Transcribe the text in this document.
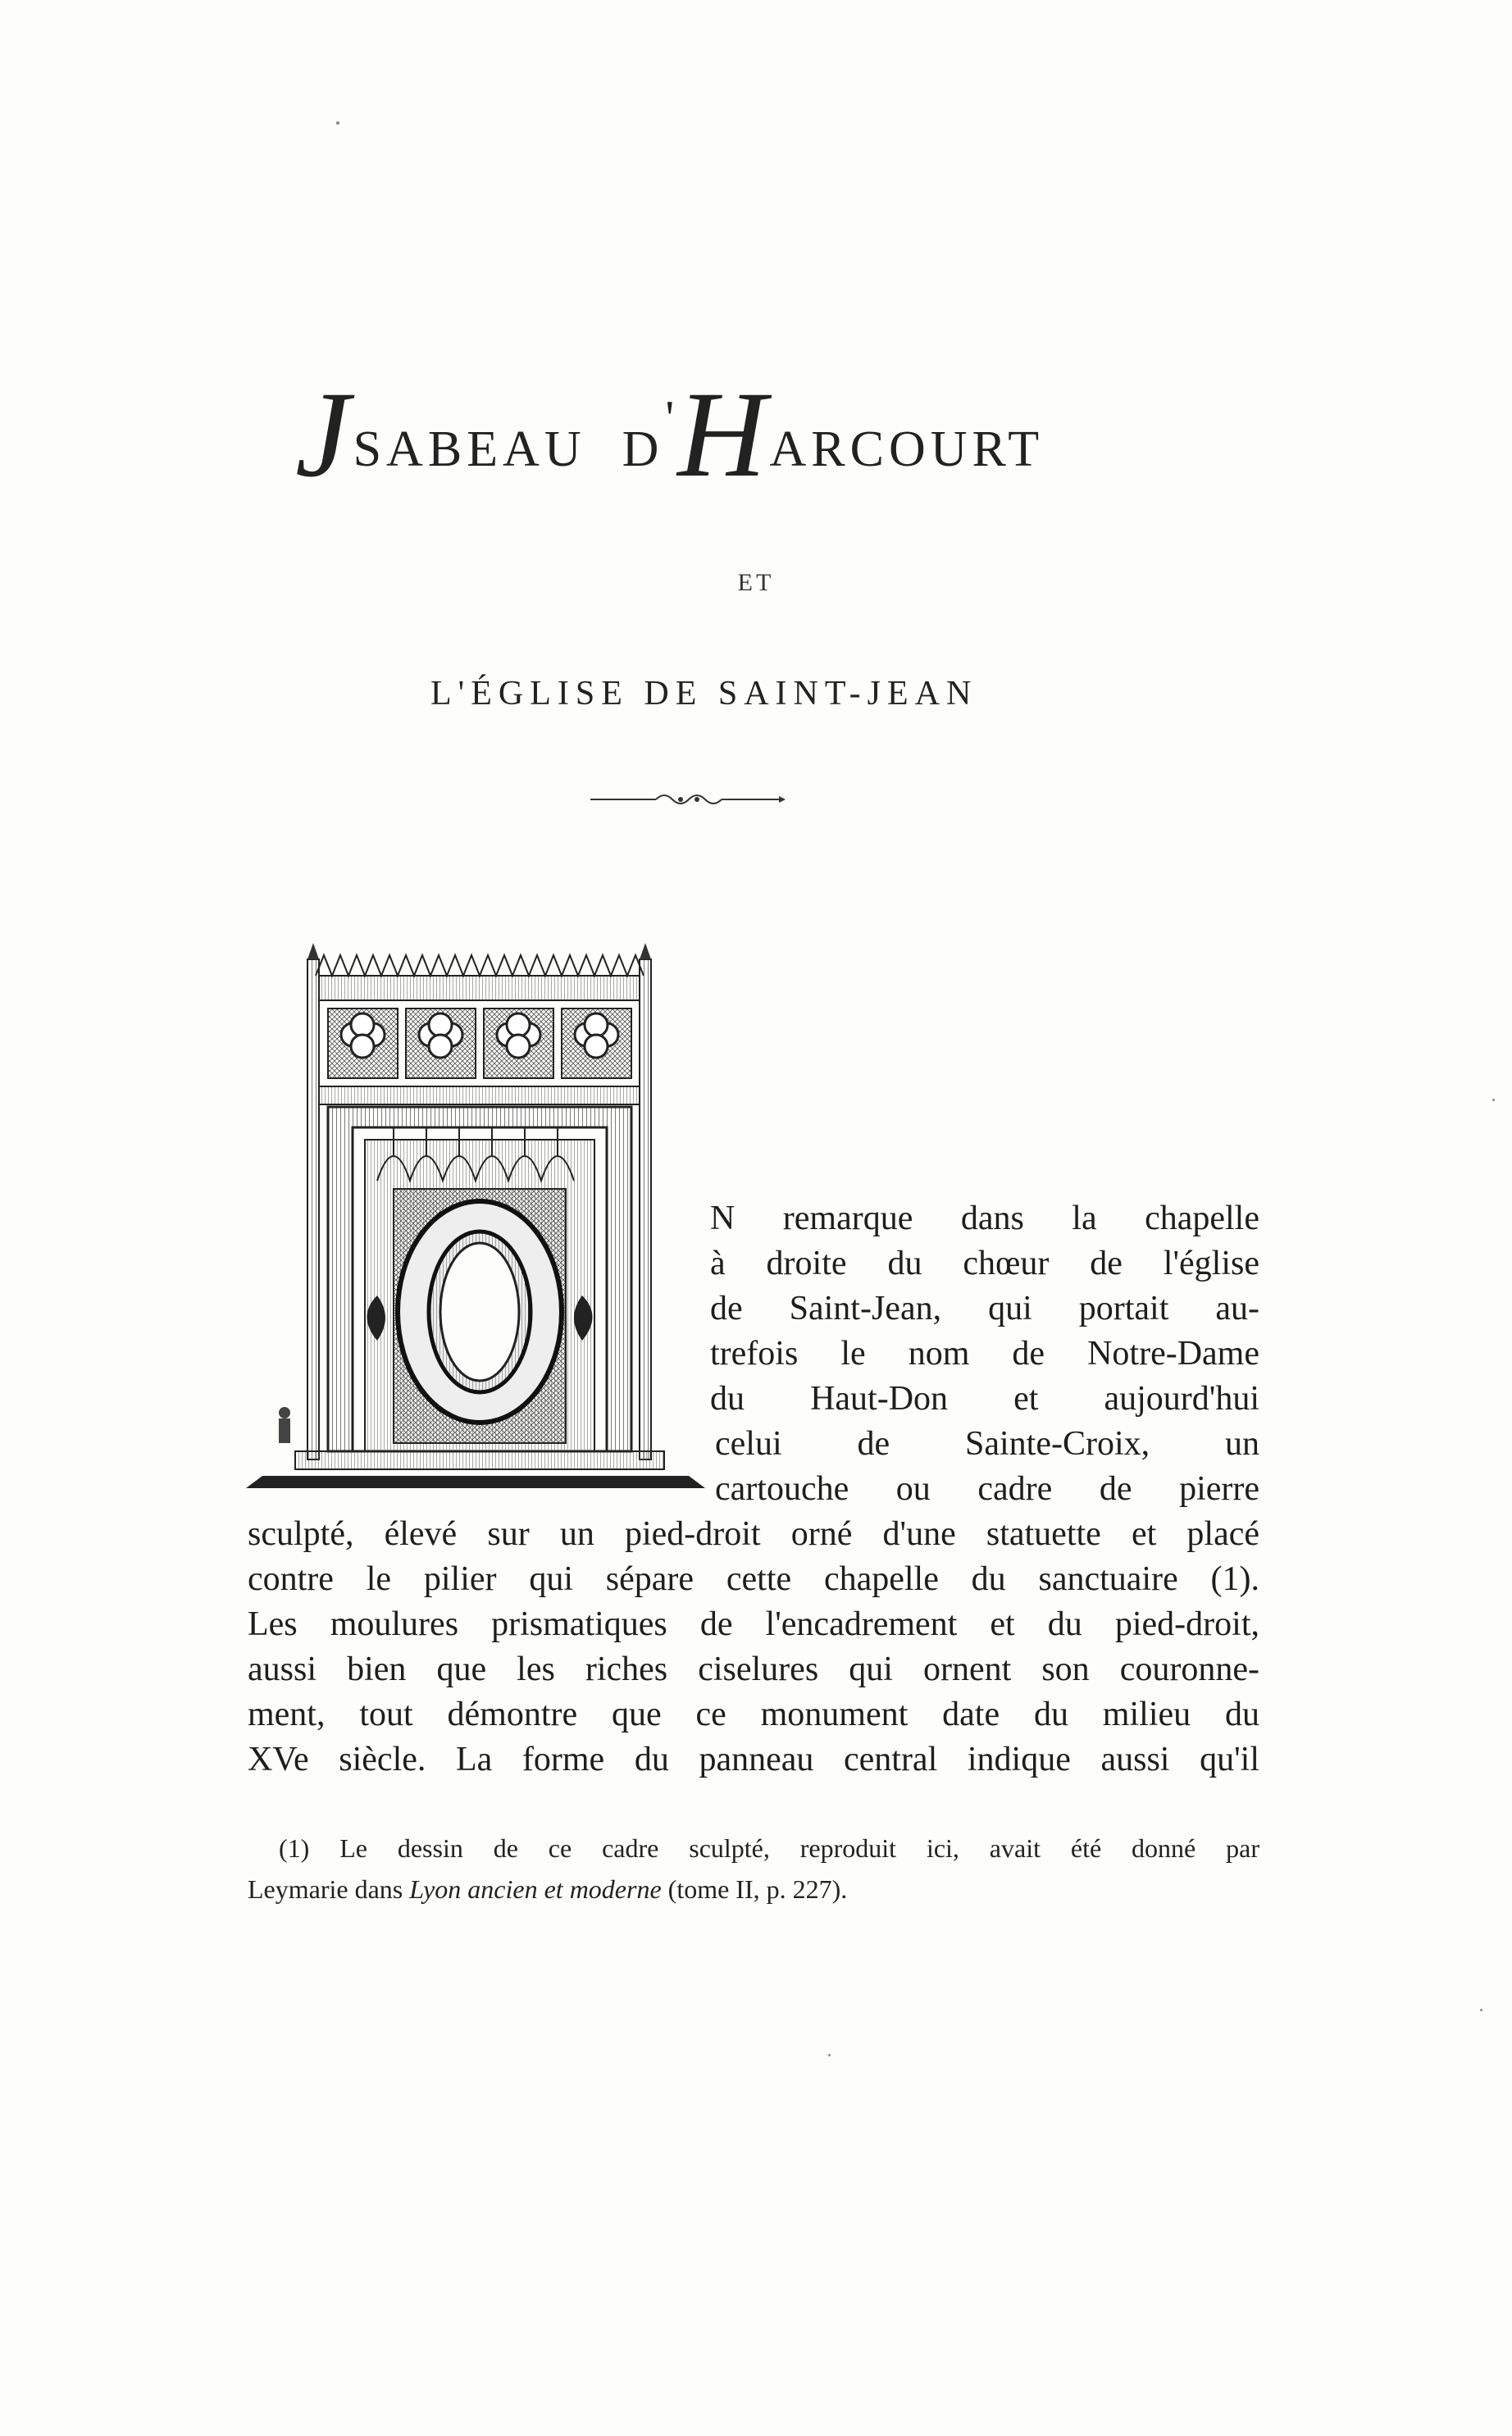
J SABEAU D
'
H ARCOURT
ET
L'ÉGLISE DE SAINT-JEAN
N remarque dans la chapelle
à droite du chœur de l'église
de Saint-Jean, qui portait au-
trefois le nom de Notre-Dame
du Haut-Don et aujourd'hui
celui de Sainte-Croix, un
cartouche ou cadre de pierre
sculpté, élevé sur un pied-droit orné d'une statuette et placé
contre le pilier qui sépare cette chapelle du sanctuaire (1).
Les moulures prismatiques de l'encadrement et du pied-droit,
aussi bien que les riches ciselures qui ornent son couronne-
ment, tout démontre que ce monument date du milieu du
XVe siècle. La forme du panneau central indique aussi qu'il
(1) Le dessin de ce cadre sculpté, reproduit ici, avait été donné par
Leymarie dans Lyon ancien et moderne (tome II, p. 227).
